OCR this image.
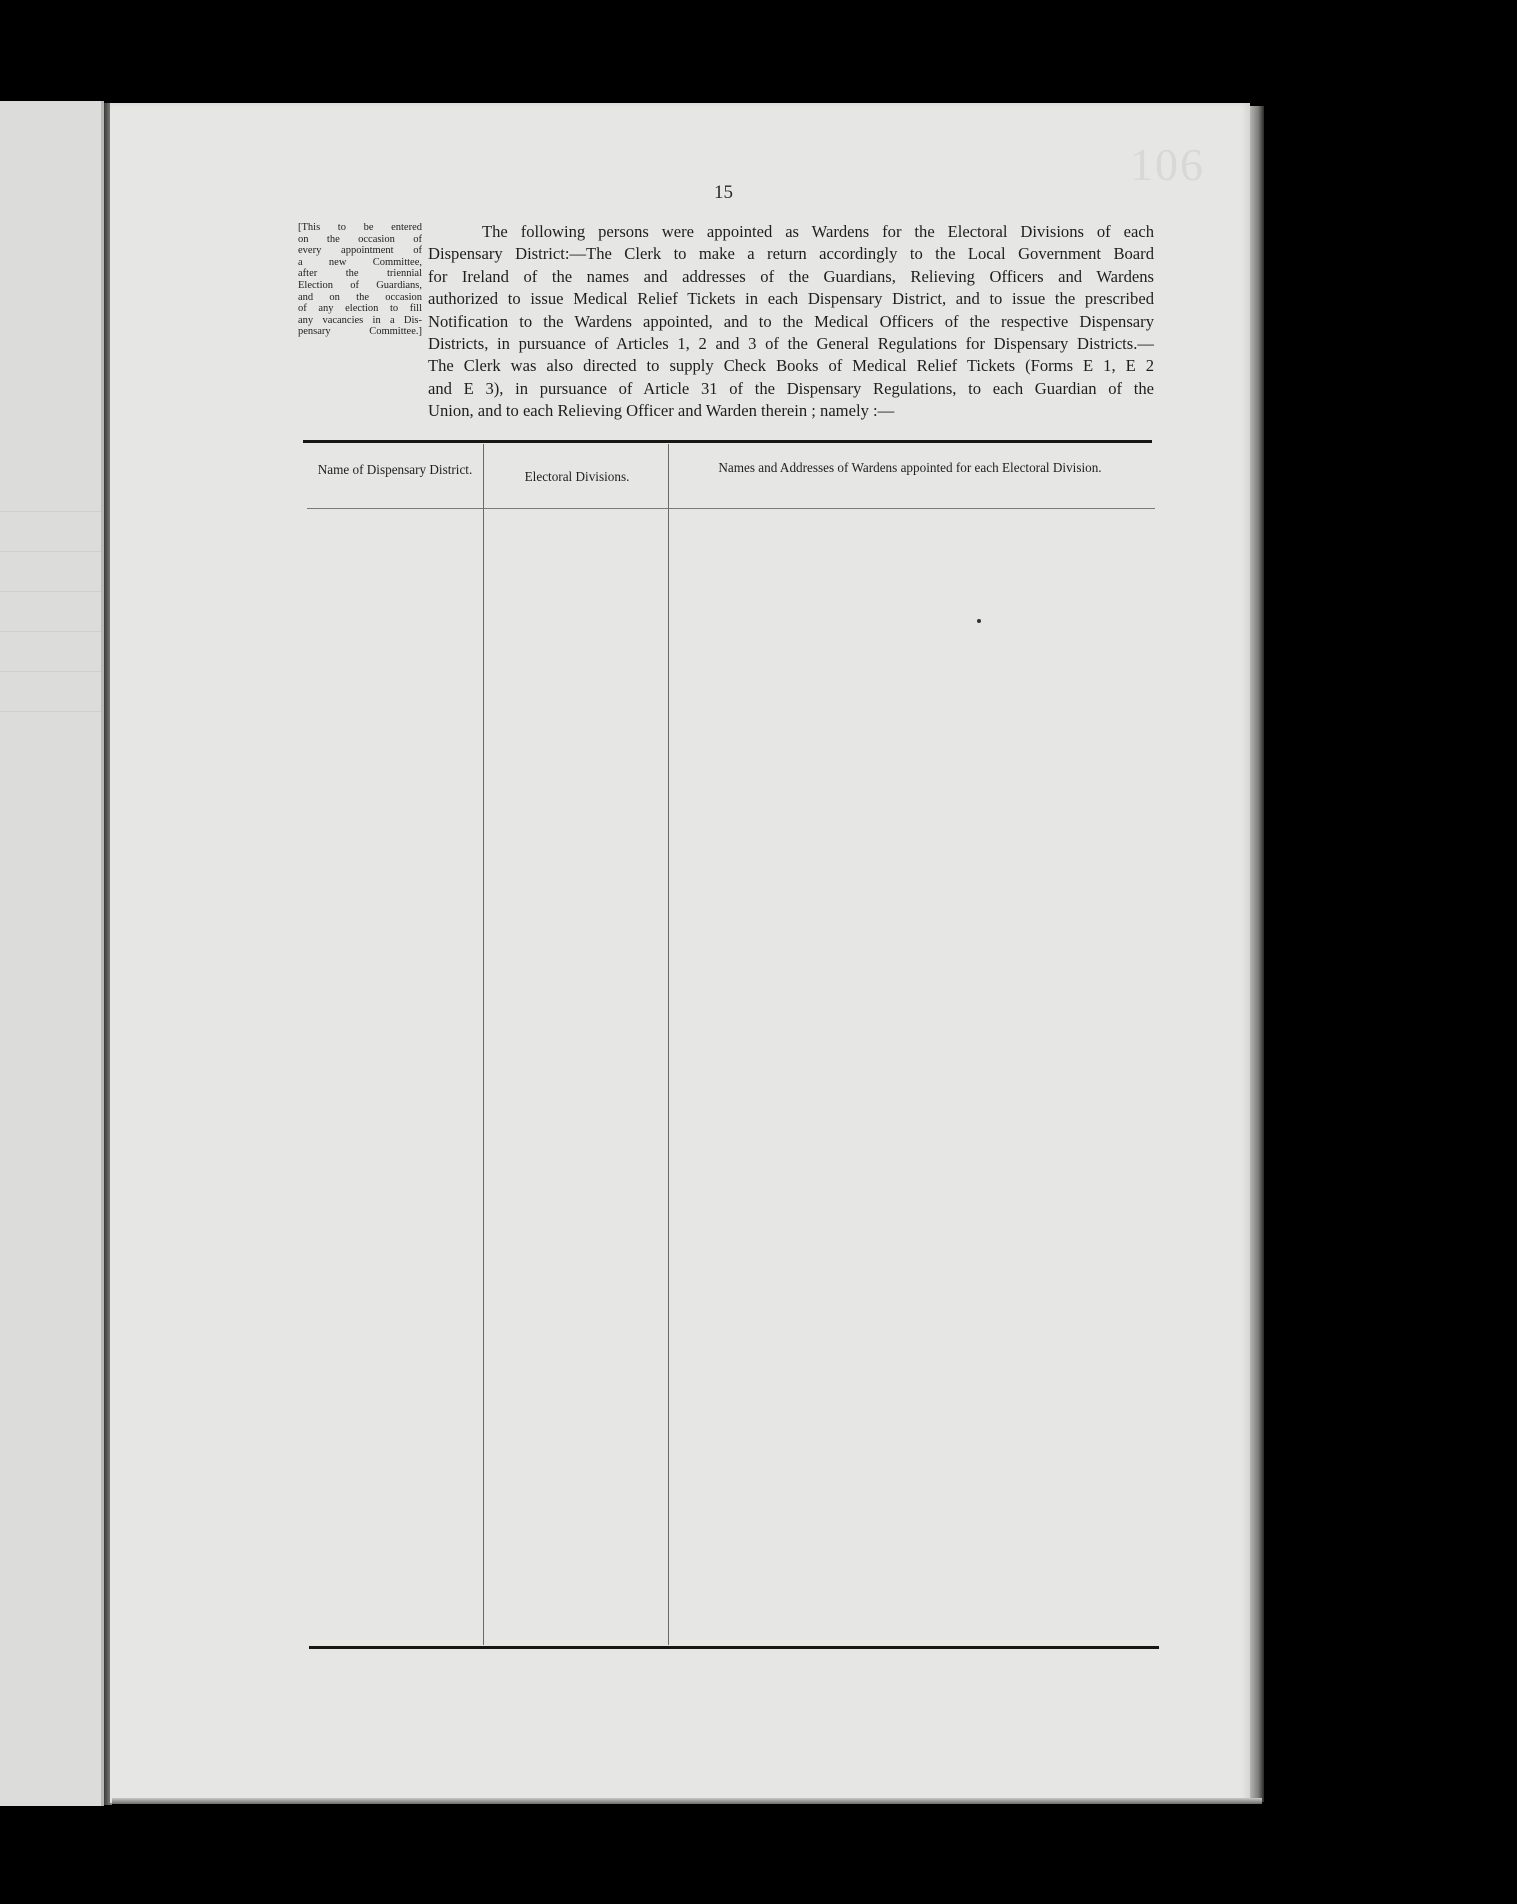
106
15
[This to be entered
on the occasion of
every appointment of
a new Committee,
after the triennial
Election of Guardians,
and on the occasion
of any election to fill
any vacancies in a Dis-
pensary Committee.]
The following persons were appointed as Wardens for the Electoral Divisions of each
Dispensary District:—The Clerk to make a return accordingly to the Local Government Board
for Ireland of the names and addresses of the Guardians, Relieving Officers and Wardens
authorized to issue Medical Relief Tickets in each Dispensary District, and to issue the prescribed
Notification to the Wardens appointed, and to the Medical Officers of the respective Dispensary
Districts, in pursuance of Articles 1, 2 and 3 of the General Regulations for Dispensary Districts.—
The Clerk was also directed to supply Check Books of Medical Relief Tickets (Forms E 1, E 2
and E 3), in pursuance of Article 31 of the Dispensary Regulations, to each Guardian of the
Union, and to each Relieving Officer and Warden therein ; namely :—
Name of Dispensary District.	Electoral Divisions.
Names and Addresses of Wardens appointed for each Electoral Division.
